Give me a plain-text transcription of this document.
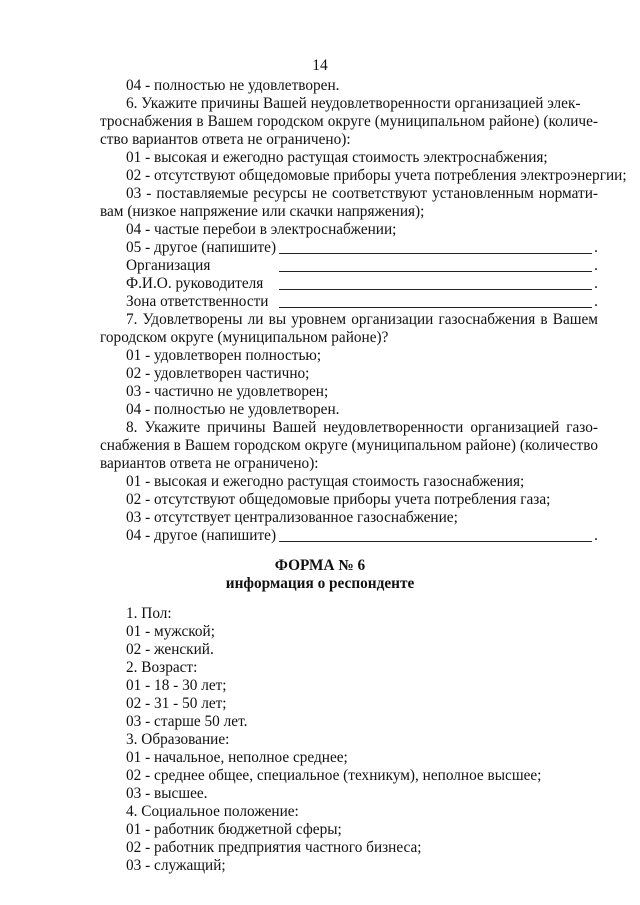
14
04 - полностью не удовлетворен.
6. Укажите причины Вашей неудовлетворенности организацией элек-
троснабжения в Вашем городском округе (муниципальном районе) (количе-
ство вариантов ответа не ограничено):
01 - высокая и ежегодно растущая стоимость электроснабжения;
02 - отсутствуют общедомовые приборы учета потребления электроэнергии;
03 - поставляемые ресурсы не соответствуют установленным нормати-
вам (низкое напряжение или скачки напряжения);
04 - частые перебои в электроснабжении;
05 - другое (напишите)	.
Организация	.
Ф.И.О. руководителя	.
Зона ответственности	.
7. Удовлетворены ли вы уровнем организации газоснабжения в Вашем
городском округе (муниципальном районе)?
01 - удовлетворен полностью;
02 - удовлетворен частично;
03 - частично не удовлетворен;
04 - полностью не удовлетворен.
8. Укажите причины Вашей неудовлетворенности организацией газо-
снабжения в Вашем городском округе (муниципальном районе) (количество
вариантов ответа не ограничено):
01 - высокая и ежегодно растущая стоимость газоснабжения;
02 - отсутствуют общедомовые приборы учета потребления газа;
03 - отсутствует централизованное газоснабжение;
04 - другое (напишите)	.
ФОРМА № 6
информация о респонденте
1. Пол:
01 - мужской;
02 - женский.
2. Возраст:
01 - 18 - 30 лет;
02 - 31 - 50 лет;
03 - старше 50 лет.
3. Образование:
01 - начальное, неполное среднее;
02 - среднее общее, специальное (техникум), неполное высшее;
03 - высшее.
4. Социальное положение:
01 - работник бюджетной сферы;
02 - работник предприятия частного бизнеса;
03 - служащий;
